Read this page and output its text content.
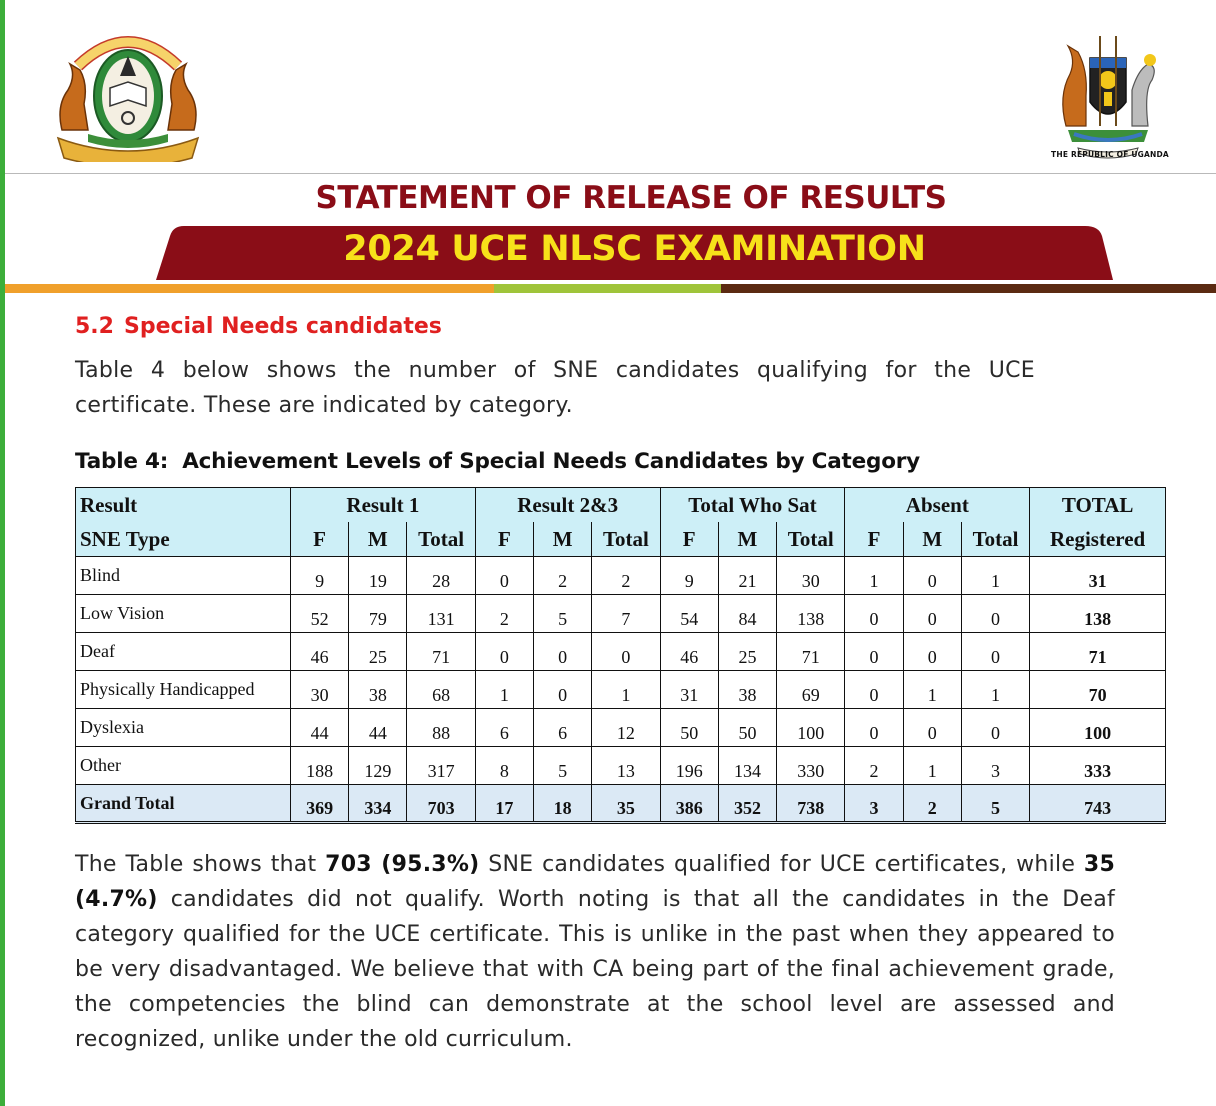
THE REPUBLIC OF UGANDA
STATEMENT OF RELEASE OF RESULTS
2024 UCE NLSC EXAMINATION
5.2 Special Needs candidates
Table 4 below shows the number of SNE candidates qualifying for the UCE certificate. These are indicated by category.
Table 4: Achievement Levels of Special Needs Candidates by Category
Result	Result 1			Result 2&3			Total Who Sat			Absent			TOTAL
SNE Type	F	M	Total	F	M	Total	F	M	Total	F	M	Total	Registered
Blind	9	19	28	0	2	2	9	21	30	1	0	1	31
Low Vision	52	79	131	2	5	7	54	84	138	0	0	0	138
Deaf	46	25	71	0	0	0	46	25	71	0	0	0	71
Physically Handicapped	30	38	68	1	0	1	31	38	69	0	1	1	70
Dyslexia	44	44	88	6	6	12	50	50	100	0	0	0	100
Other	188	129	317	8	5	13	196	134	330	2	1	3	333
Grand Total	369	334	703	17	18	35	386	352	738	3	2	5	743
The Table shows that 703 (95.3%) SNE candidates qualified for UCE certificates, while 35 (4.7%) candidates did not qualify. Worth noting is that all the candidates in the Deaf category qualified for the UCE certificate. This is unlike in the past when they appeared to be very disadvantaged. We believe that with CA being part of the final achievement grade, the competencies the blind can demonstrate at the school level are assessed and recognized, unlike under the old curriculum.
